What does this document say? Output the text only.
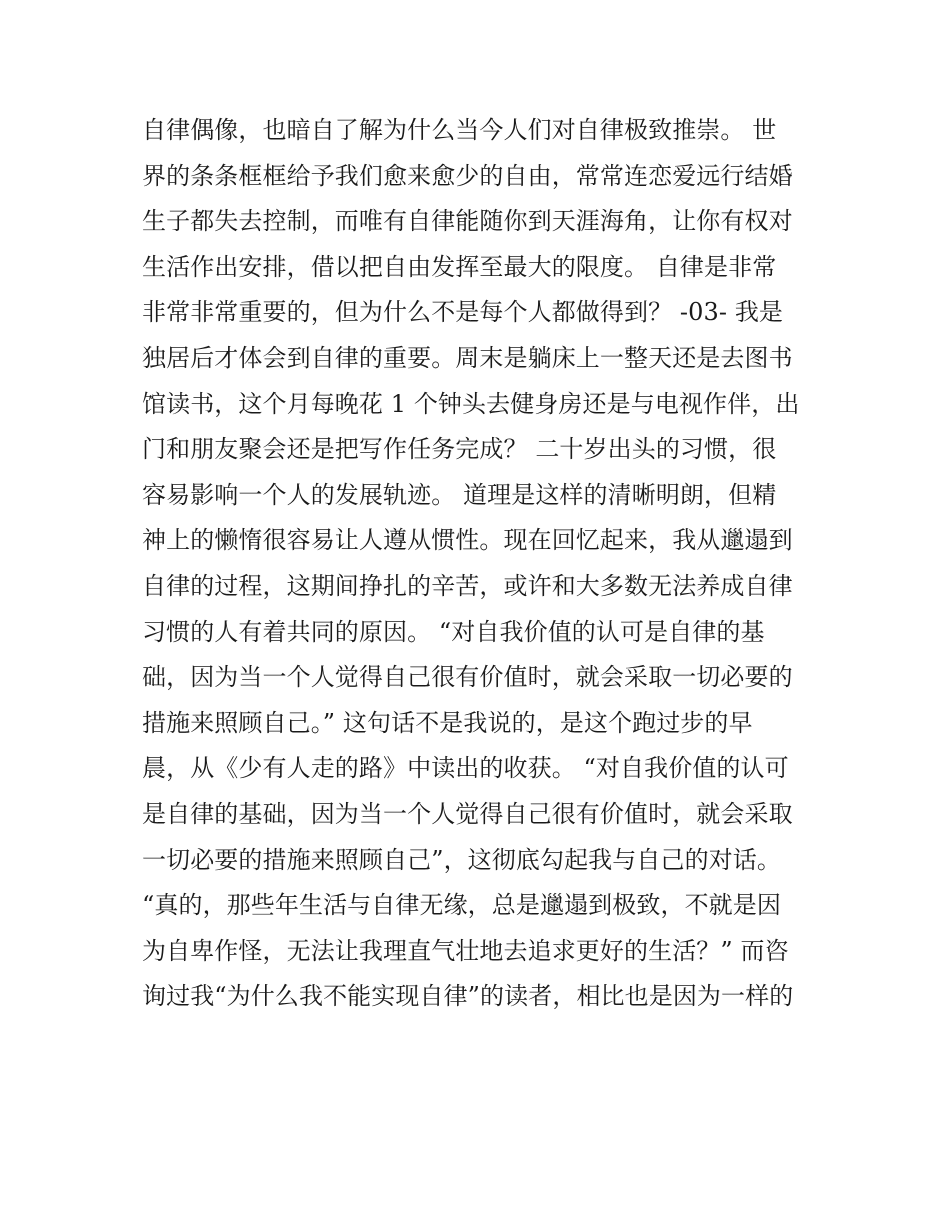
自律偶像，也暗自了解为什么当今人们对自律极致推崇。 世
界的条条框框给予我们愈来愈少的自由，常常连恋爱远行结婚
生子都失去控制，而唯有自律能随你到天涯海角，让你有权对
生活作出安排，借以把自由发挥至最大的限度。 自律是非常
非常非常重要的，但为什么不是每个人都做得到？ -03- 我是
独居后才体会到自律的重要。周末是躺床上一整天还是去图书
馆读书，这个月每晚花 1 个钟头去健身房还是与电视作伴，出
门和朋友聚会还是把写作任务完成？ 二十岁出头的习惯，很
容易影响一个人的发展轨迹。 道理是这样的清晰明朗，但精
神上的懒惰很容易让人遵从惯性。现在回忆起来，我从邋遢到
自律的过程，这期间挣扎的辛苦，或许和大多数无法养成自律
习惯的人有着共同的原因。 “对自我价值的认可是自律的基
础，因为当一个人觉得自己很有价值时，就会采取一切必要的
措施来照顾自己。” 这句话不是我说的，是这个跑过步的早
晨，从《少有人走的路》中读出的收获。 “对自我价值的认可
是自律的基础，因为当一个人觉得自己很有价值时，就会采取
一切必要的措施来照顾自己”，这彻底勾起我与自己的对话。
“真的，那些年生活与自律无缘，总是邋遢到极致，不就是因
为自卑作怪，无法让我理直气壮地去追求更好的生活？” 而咨
询过我“为什么我不能实现自律”的读者，相比也是因为一样的
